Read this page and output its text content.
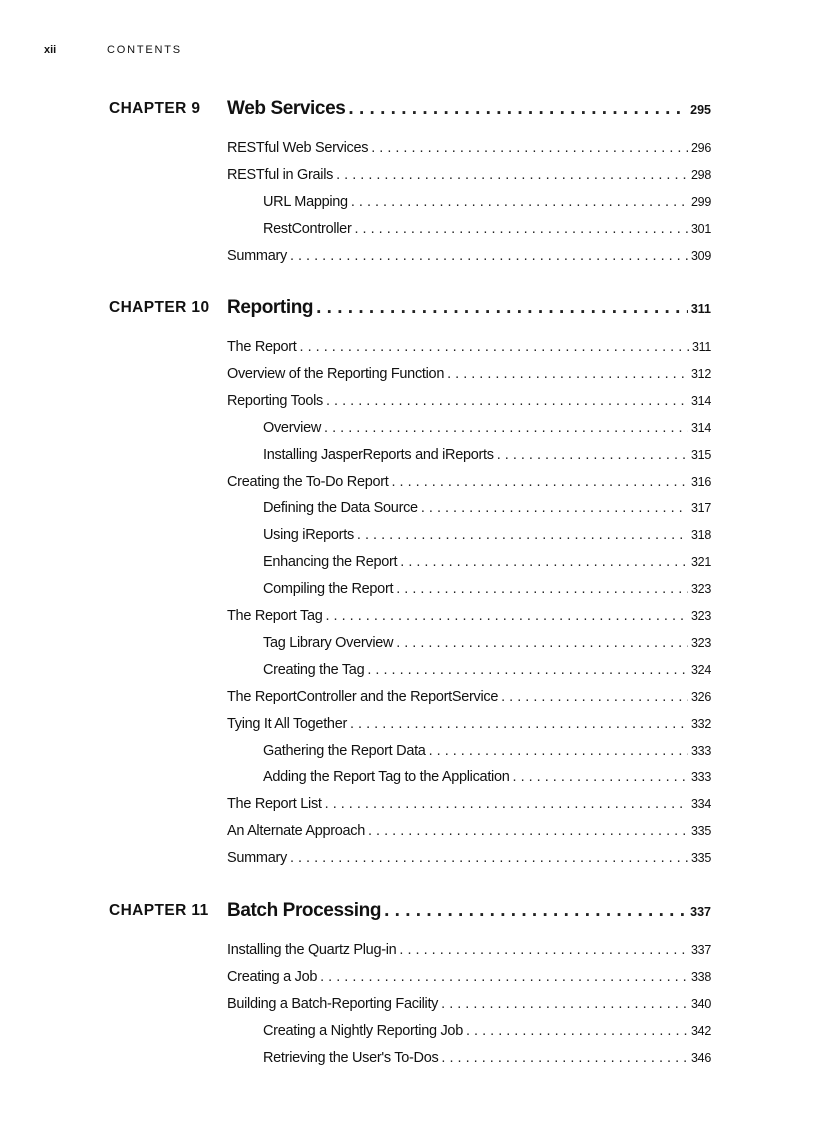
xii	CONTENTS
CHAPTER 9 Web Services . . .	295
RESTful Web Services . . .	296
RESTful in Grails . . .	298
URL Mapping . . .	299
RestController . . .	301
Summary . . .	309
CHAPTER 10 Reporting . . .	311
The Report . . .	311
Overview of the Reporting Function . . .	312
Reporting Tools . . .	314
Overview . . .	314
Installing JasperReports and iReports . . .	315
Creating the To-Do Report . . .	316
Defining the Data Source . . .	317
Using iReports . . .	318
Enhancing the Report . . .	321
Compiling the Report . . .	323
The Report Tag . . .	323
Tag Library Overview . . .	323
Creating the Tag . . .	324
The ReportController and the ReportService . . .	326
Tying It All Together . . .	332
Gathering the Report Data . . .	333
Adding the Report Tag to the Application . . .	333
The Report List . . .	334
An Alternate Approach . . .	335
Summary . . .	335
CHAPTER 11 Batch Processing . . .	337
Installing the Quartz Plug-in . . .	337
Creating a Job . . .	338
Building a Batch-Reporting Facility . . .	340
Creating a Nightly Reporting Job . . .	342
Retrieving the User's To-Dos . . .	346
